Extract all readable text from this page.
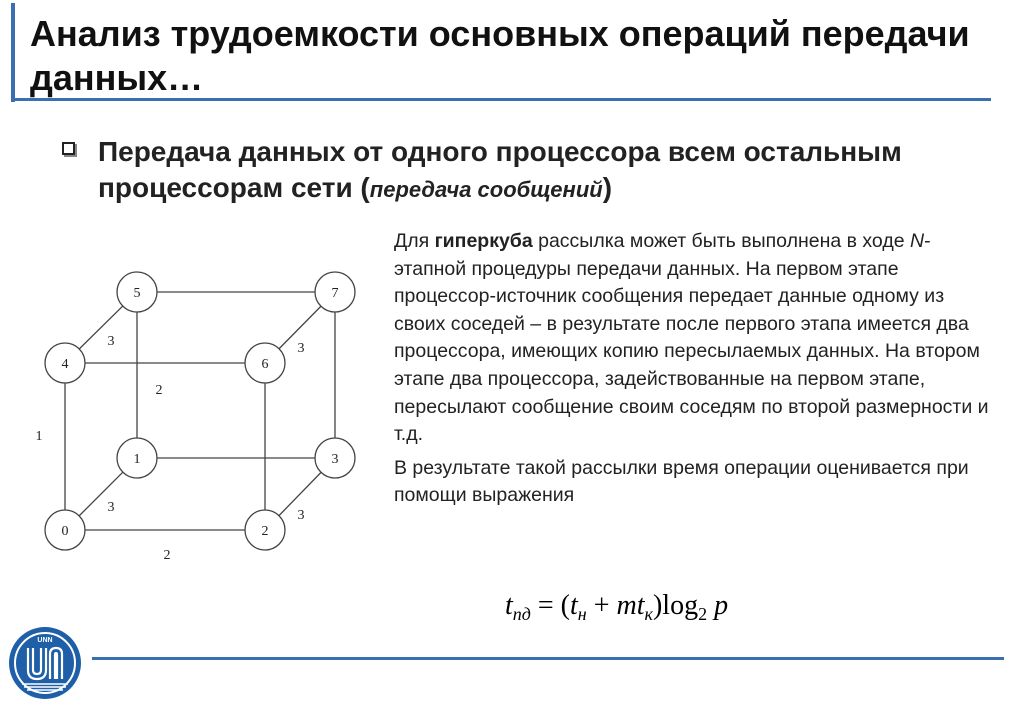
Анализ трудоемкости основных операций передачи данных…
Передача данных от одного процессора всем остальным процессорам сети (передача сообщений)
0
1
2
3
4
5
6
7
1
2
3
3
2
3	3

Для гиперкуба рассылка может быть выполнена в ходе N- этапной процедуры передачи данных. На первом этапе процессор-источник сообщения передает данные одному из своих соседей – в результате после первого этапа имеется два процессора, имеющих копию пересылаемых данных. На втором этапе два процессора, задействованные на первом этапе, пересылают сообщение своим соседям по второй размерности и т.д.

В результате такой рассылки время операции оценивается при помощи выражения

$t_{пд} = (t_н + mt_к)\log_2$ p
UNN
